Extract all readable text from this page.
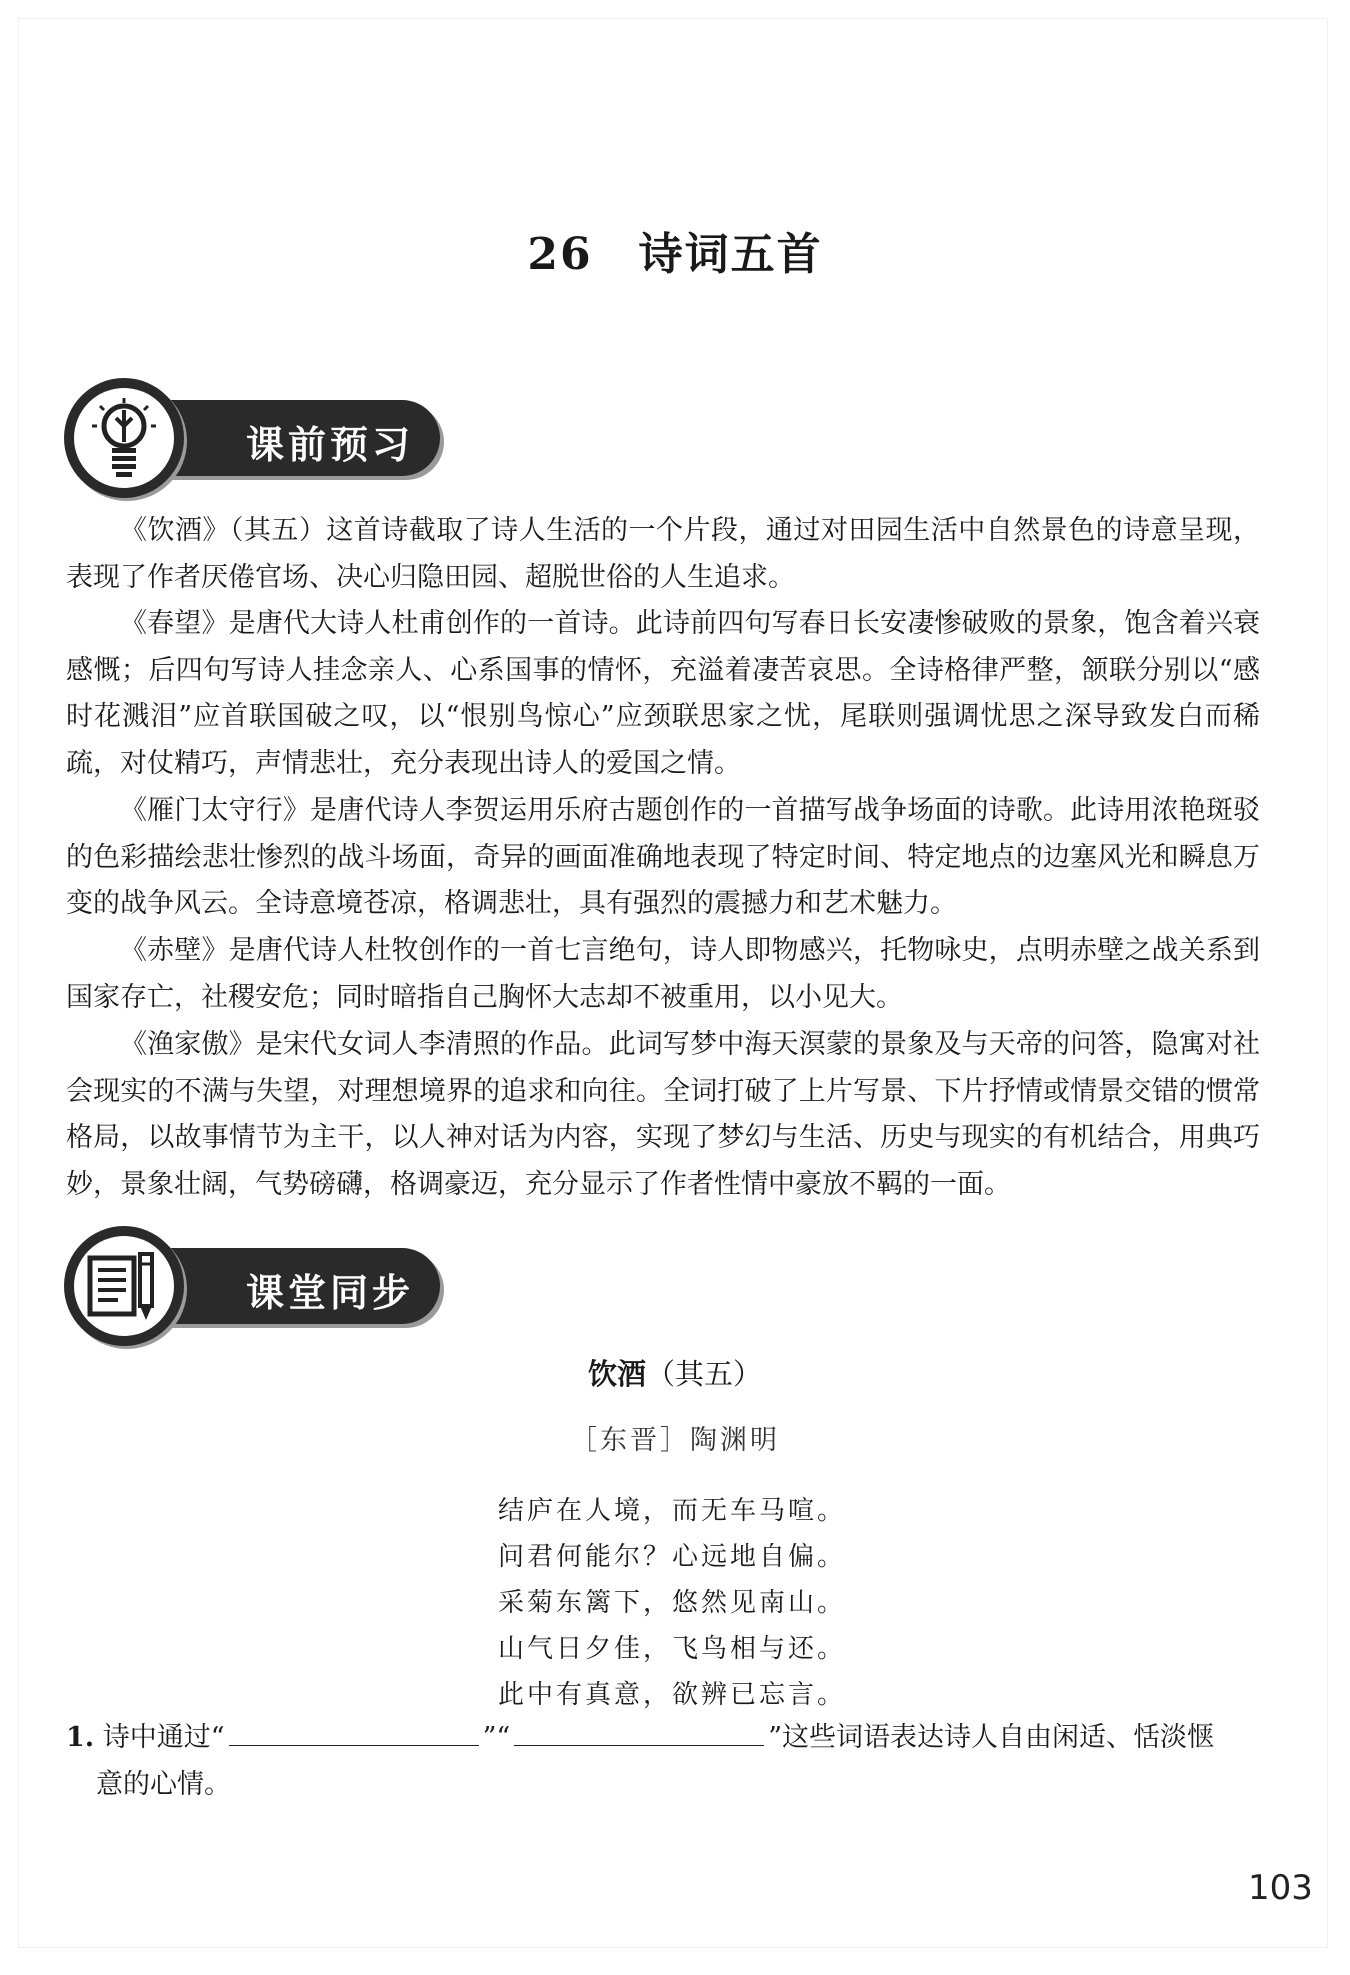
26 诗词五首
课前预习

《饮酒》（其五）这首诗截取了诗人生活的一个片段，通过对田园生活中自然景色的诗意呈现，表现了作者厌倦官场、决心归隐田园、超脱世俗的人生追求。

《春望》是唐代大诗人杜甫创作的一首诗。此诗前四句写春日长安凄惨破败的景象，饱含着兴衰感慨；后四句写诗人挂念亲人、心系国事的情怀，充溢着凄苦哀思。全诗格律严整，颔联分别以“感时花溅泪”应首联国破之叹，以“恨别鸟惊心”应颈联思家之忧，尾联则强调忧思之深导致发白而稀疏，对仗精巧，声情悲壮，充分表现出诗人的爱国之情。

《雁门太守行》是唐代诗人李贺运用乐府古题创作的一首描写战争场面的诗歌。此诗用浓艳斑驳的色彩描绘悲壮惨烈的战斗场面，奇异的画面准确地表现了特定时间、特定地点的边塞风光和瞬息万变的战争风云。全诗意境苍凉，格调悲壮，具有强烈的震撼力和艺术魅力。

《赤壁》是唐代诗人杜牧创作的一首七言绝句，诗人即物感兴，托物咏史，点明赤壁之战关系到国家存亡，社稷安危；同时暗指自己胸怀大志却不被重用，以小见大。

《渔家傲》是宋代女词人李清照的作品。此词写梦中海天溟蒙的景象及与天帝的问答，隐寓对社会现实的不满与失望，对理想境界的追求和向往。全词打破了上片写景、下片抒情或情景交错的惯常格局，以故事情节为主干，以人神对话为内容，实现了梦幻与生活、历史与现实的有机结合，用典巧妙，景象壮阔，气势磅礴，格调豪迈，充分显示了作者性情中豪放不羁的一面。

课堂同步
饮酒（其五）
［东晋］陶渊明
结庐在人境，而无车马喧。
问君何能尔？心远地自偏。
采菊东篱下，悠然见南山。
山气日夕佳，飞鸟相与还。
此中有真意，欲辨已忘言。
1. 诗中通过“	”“	”这些词语表达诗人自由闲适、恬淡惬
意的心情。
103
